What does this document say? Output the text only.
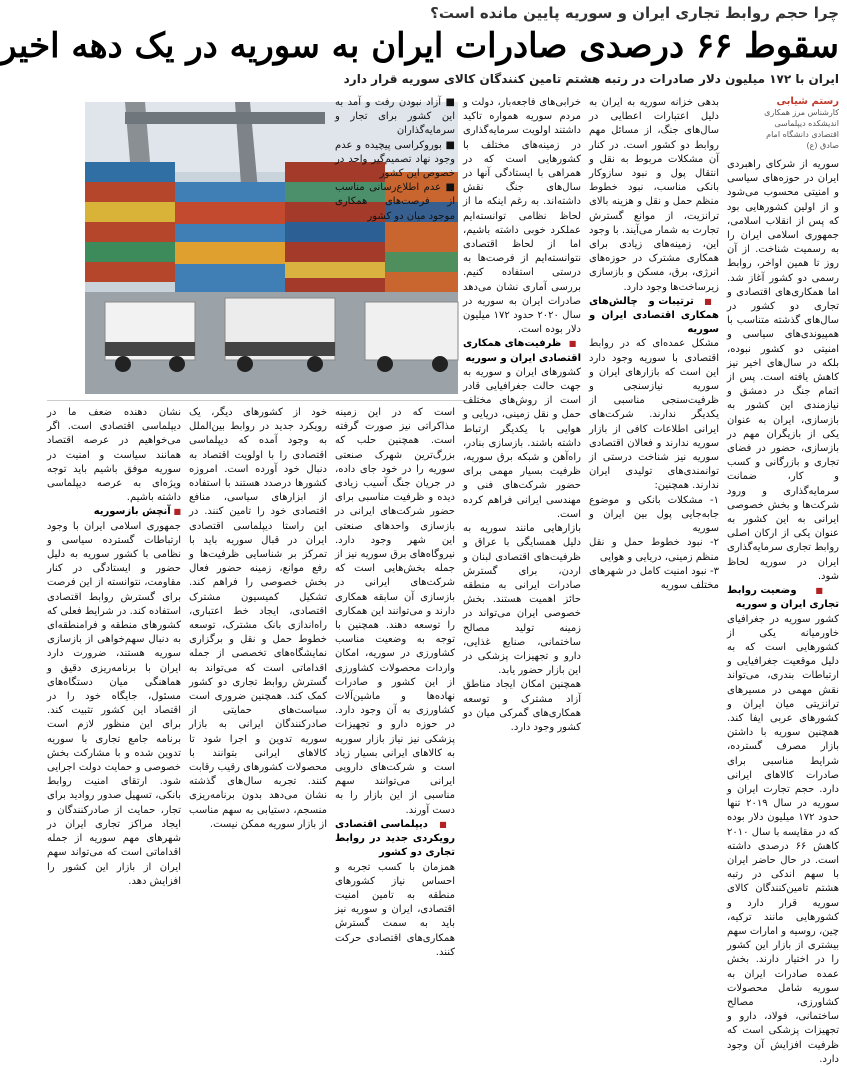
چرا حجم روابط تجاری ایران و سوریه پایین مانده است؟
سقوط ۶۶ درصدی صادرات ایران به سوریه در یک دهه اخیر
ایران با ۱۷۲ میلیون دلار صادرات در رتبه هشتم تامین کنندگان کالای سوریه قرار دارد
رستم شیابی
کارشناس مرز همکاری اندیشکده دیپلماسی اقتصادی دانشگاه امام صادق (ع)

سوریه از شرکای راهبردی ایران در حوزه‌های سیاسی و امنیتی محسوب می‌شود و از اولین کشورهایی بود که پس از انقلاب اسلامی، جمهوری اسلامی ایران را به رسمیت شناخت. از آن روز تا همین اواخر، روابط رسمی دو کشور آغاز شد. اما همکاری‌های اقتصادی و تجاری دو کشور در سال‌های گذشته متناسب با همپیوندی‌های سیاسی و امنیتی دو کشور نبوده، بلکه در سال‌های اخیر نیز کاهش یافته است. پس از اتمام جنگ در دمشق و نیازمندی این کشور به بازسازی، ایران به عنوان یکی از بازیگران مهم در بازسازی، حضور در فضای تجاری و بازرگانی و کسب و کار، ضمانت سرمایه‌گذاری و ورود شرکت‌ها و بخش خصوصی ایرانی به این کشور به عنوان یکی از ارکان اصلی روابط تجاری سرمایه‌گذاری ایران در سوریه لحاظ شود.

■ وضعیت روابط تجاری ایران و سوریه

کشور سوریه در جغرافیای خاورمیانه یکی از کشورهایی است که به دلیل موقعیت جغرافیایی و ارتباطات بندری، می‌تواند نقش مهمی در مسیرهای ترانزیتی میان ایران و کشورهای عربی ایفا کند. همچنین سوریه با داشتن بازار مصرف گسترده، شرایط مناسبی برای صادرات کالاهای ایرانی دارد. حجم تجارت ایران و سوریه در سال ۲۰۱۹ تنها حدود ۱۷۲ میلیون دلار بوده که در مقایسه با سال ۲۰۱۰ کاهش ۶۶ درصدی داشته است. در حال حاضر ایران با سهم اندکی در رتبه هشتم تامین‌کنندگان کالای سوریه قرار دارد و کشورهایی مانند ترکیه، چین، روسیه و امارات سهم بیشتری از بازار این کشور را در اختیار دارند. بخش عمده صادرات ایران به سوریه شامل محصولات کشاورزی، مصالح ساختمانی، فولاد، دارو و تجهیزات پزشکی است که ظرفیت افزایش آن وجود دارد.

بدهی خزانه سوریه به ایران به دلیل اعتبارات اعطایی در سال‌های جنگ، از مسائل مهم روابط دو کشور است. در کنار آن مشکلات مربوط به نقل و انتقال پول و نبود سازوکار بانکی مناسب، نبود خطوط منظم حمل و نقل و هزینه بالای ترانزیت، از موانع گسترش تجارت به شمار می‌آیند. با وجود این، زمینه‌های زیادی برای همکاری مشترک در حوزه‌های انرژی، برق، مسکن و بازسازی زیرساخت‌ها وجود دارد.

■ ترتیبات و چالش‌های همکاری اقتصادی ایران و سوریه

مشکل عمده‌ای که در روابط اقتصادی با سوریه وجود دارد این است که بازارهای ایران و سوریه نیازسنجی و ظرفیت‌سنجی مناسبی از یکدیگر ندارند. شرکت‌های ایرانی اطلاعات کافی از بازار سوریه ندارند و فعالان اقتصادی سوریه نیز شناخت درستی از توانمندی‌های تولیدی ایران ندارند. همچنین:

۱- مشکلات بانکی و موضوع جابه‌جایی پول بین ایران و سوریه

۲- نبود خطوط حمل و نقل منظم زمینی، دریایی و هوایی

۳- نبود امنیت کامل در شهرهای مختلف سوریه

خرابی‌های فاجعه‌بار، دولت و مردم سوریه همواره تاکید داشتند اولویت سرمایه‌گذاری در زمینه‌های مختلف با کشورهایی است که در همراهی با ایستادگی آنها در سال‌های جنگ نقش داشته‌اند. به رغم اینکه ما از لحاظ نظامی توانسته‌ایم عملکرد خوبی داشته باشیم، اما از لحاظ اقتصادی نتوانسته‌ایم از فرصت‌ها به درستی استفاده کنیم. بررسی آماری نشان می‌دهد صادرات ایران به سوریه در سال ۲۰۲۰ حدود ۱۷۲ میلیون دلار بوده است.

■ ظرفیت‌های همکاری اقتصادی ایران و سوریه

کشورهای ایران و سوریه به جهت حالت جغرافیایی قادر است از روش‌های مختلف حمل و نقل زمینی، دریایی و هوایی با یکدیگر ارتباط داشته باشند. بازسازی بنادر، راه‌آهن و شبکه برق سوریه، ظرفیت بسیار مهمی برای حضور شرکت‌های فنی و مهندسی ایرانی فراهم کرده است.

بازارهایی مانند سوریه به دلیل همسایگی با عراق و ظرفیت‌های اقتصادی لبنان و اردن، برای گسترش صادرات ایرانی به منطقه حائز اهمیت هستند. بخش خصوصی ایران می‌تواند در زمینه تولید مصالح ساختمانی، صنایع غذایی، دارو و تجهیزات پزشکی در این بازار حضور یابد.

همچنین امکان ایجاد مناطق آزاد مشترک و توسعه همکاری‌های گمرکی میان دو کشور وجود دارد.

■ آزاد نبودن رفت و آمد به این کشور برای تجار و سرمایه‌گذاران

■ بوروکراسی پیچیده و عدم وجود نهاد تصمیم‌گیر واحد در خصوص این کشور

■ عدم اطلاع‌رسانی مناسب از فرصت‌های همکاری موجود میان دو کشور

است که در این زمینه مذاکراتی نیز صورت گرفته است. همچنین حلب که بزرگ‌ترین شهرک صنعتی سوریه را در خود جای داده، در جریان جنگ آسیب زیادی دیده و ظرفیت مناسبی برای حضور شرکت‌های ایرانی در بازسازی واحدهای صنعتی این شهر وجود دارد. نیروگاه‌های برق سوریه نیز از جمله بخش‌هایی است که شرکت‌های ایرانی در بازسازی آن سابقه همکاری دارند و می‌توانند این همکاری را توسعه دهند. همچنین با توجه به وضعیت مناسب کشاورزی در سوریه، امکان واردات محصولات کشاورزی از این کشور و صادرات نهاده‌ها و ماشین‌آلات کشاورزی به آن وجود دارد. در حوزه دارو و تجهیزات پزشکی نیز نیاز بازار سوریه به کالاهای ایرانی بسیار زیاد است و شرکت‌های دارویی ایرانی می‌توانند سهم مناسبی از این بازار را به دست آورند.

■ دیپلماسی اقتصادی رویکردی جدید در روابط تجاری دو کشور

همزمان با کسب تجربه و احساس نیاز کشورهای منطقه به تامین امنیت اقتصادی، ایران و سوریه نیز باید به سمت گسترش همکاری‌های اقتصادی حرکت کنند.

خود از کشورهای دیگر، یک رویکرد جدید در روابط بین‌الملل به وجود آمده که دیپلماسی اقتصادی را با اولویت اقتصاد به دنبال خود آورده است. امروزه کشورها درصدد هستند با استفاده از ابزارهای سیاسی، منافع اقتصادی خود را تامین کنند. در این راستا دیپلماسی اقتصادی ایران در قبال سوریه باید با تمرکز بر شناسایی ظرفیت‌ها و رفع موانع، زمینه حضور فعال بخش خصوصی را فراهم کند. تشکیل کمیسیون مشترک اقتصادی، ایجاد خط اعتباری، راه‌اندازی بانک مشترک، توسعه خطوط حمل و نقل و برگزاری نمایشگاه‌های تخصصی از جمله اقداماتی است که می‌تواند به گسترش روابط تجاری دو کشور کمک کند. همچنین ضروری است سیاست‌های حمایتی از صادرکنندگان ایرانی به بازار سوریه تدوین و اجرا شود تا کالاهای ایرانی بتوانند با محصولات کشورهای رقیب رقابت کنند. تجربه سال‌های گذشته نشان می‌دهد بدون برنامه‌ریزی منسجم، دستیابی به سهم مناسب از بازار سوریه ممکن نیست.

نشان دهنده ضعف ما در دیپلماسی اقتصادی است. اگر می‌خواهیم در عرصه اقتصاد همانند سیاست و امنیت در سوریه موفق باشیم باید توجه ویژه‌ای به عرصه دیپلماسی داشته باشیم.

■ آنچش بازسوریه

جمهوری اسلامی ایران با وجود ارتباطات گسترده سیاسی و نظامی با کشور سوریه به دلیل حضور و ایستادگی در کنار مقاومت، نتوانسته از این فرصت برای گسترش روابط اقتصادی استفاده کند. در شرایط فعلی که کشورهای منطقه و فرامنطقه‌ای به دنبال سهم‌خواهی از بازسازی سوریه هستند، ضرورت دارد ایران با برنامه‌ریزی دقیق و هماهنگی میان دستگاه‌های مسئول، جایگاه خود را در اقتصاد این کشور تثبیت کند. برای این منظور لازم است برنامه جامع تجاری با سوریه تدوین شده و با مشارکت بخش خصوصی و حمایت دولت اجرایی شود. ارتقای امنیت روابط بانکی، تسهیل صدور روادید برای تجار، حمایت از صادرکنندگان و ایجاد مراکز تجاری ایران در شهرهای مهم سوریه از جمله اقداماتی است که می‌تواند سهم ایران از بازار این کشور را افزایش دهد.
